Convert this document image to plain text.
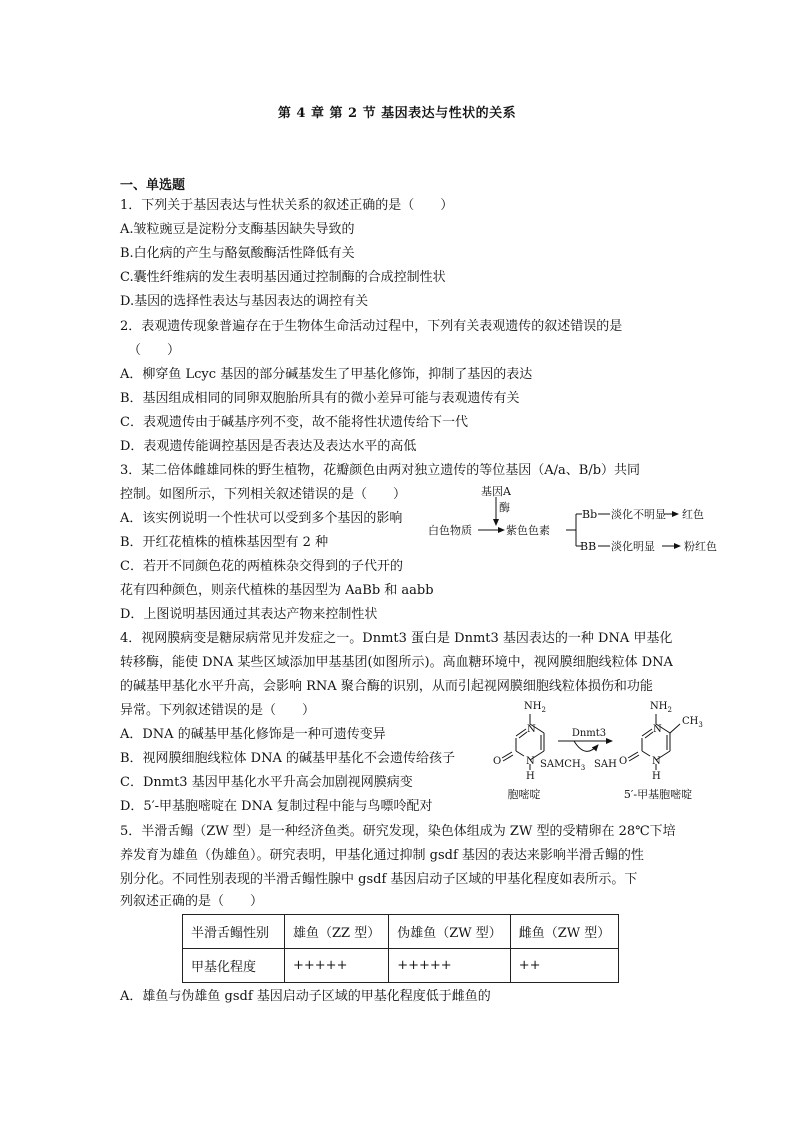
第 4 章 第 2 节 基因表达与性状的关系
一、单选题
1．下列关于基因表达与性状关系的叙述正确的是（　　）
A.皱粒豌豆是淀粉分支酶基因缺失导致的
B.白化病的产生与酪氨酸酶活性降低有关
C.囊性纤维病的发生表明基因通过控制酶的合成控制性状
D.基因的选择性表达与基因表达的调控有关
2．表观遗传现象普遍存在于生物体生命活动过程中，下列有关表观遗传的叙述错误的是
（　　）
A．柳穿鱼 Lcyc 基因的部分碱基发生了甲基化修饰，抑制了基因的表达
B．基因组成相同的同卵双胞胎所具有的微小差异可能与表观遗传有关
C．表观遗传由于碱基序列不变，故不能将性状遗传给下一代
D．表观遗传能调控基因是否表达及表达水平的高低
3．某二倍体雌雄同株的野生植物，花瓣颜色由两对独立遗传的等位基因（A/a、B/b）共同
控制。如图所示，下列相关叙述错误的是（　　）
A．该实例说明一个性状可以受到多个基因的影响
B．开红花植株的植株基因型有 2 种
C．若开不同颜色花的两植株杂交得到的子代开的
花有四种颜色，则亲代植株的基因型为 AaBb 和 aabb
D．上图说明基因通过其表达产物来控制性状
基因A
酶
白色物质	紫色色素
Bb 淡化不明显 红色
BB 淡化明显	粉红色
4．视网膜病变是糖尿病常见并发症之一。Dnmt3 蛋白是 Dnmt3 基因表达的一种 DNA 甲基化
转移酶，能使 DNA 某些区域添加甲基基团(如图所示)。高血糖环境中，视网膜细胞线粒体 DNA
的碱基甲基化水平升高，会影响 RNA 聚合酶的识别，从而引起视网膜细胞线粒体损伤和功能
异常。下列叙述错误的是（　　）
A．DNA 的碱基甲基化修饰是一种可遗传变异
B．视网膜细胞线粒体 DNA 的碱基甲基化不会遗传给孩子
C．Dnmt3 基因甲基化水平升高会加剧视网膜病变
D．5′-甲基胞嘧啶在 DNA 复制过程中能与鸟嘌呤配对
$NH_2$
N
N
O
H
Dnmt3
$SAMCH_3$ SAH
$NH_2$
$CH_3$
N
N
O
H
胞嘧啶	5′-甲基胞嘧啶
5．半滑舌鳎（ZW 型）是一种经济鱼类。研究发现，染色体组成为 ZW 型的受精卵在 28℃下培
养发育为雄鱼（伪雄鱼）。研究表明，甲基化通过抑制 gsdf 基因的表达来影响半滑舌鳎的性
别分化。不同性别表现的半滑舌鳎性腺中 gsdf 基因启动子区域的甲基化程度如表所示。下
列叙述正确的是（　　）
半滑舌鳎性别	雄鱼（ZZ 型）	伪雄鱼（ZW 型）	雌鱼（ZW 型）
甲基化程度	+++++	+++++	++
A．雄鱼与伪雄鱼 gsdf 基因启动子区域的甲基化程度低于雌鱼的
